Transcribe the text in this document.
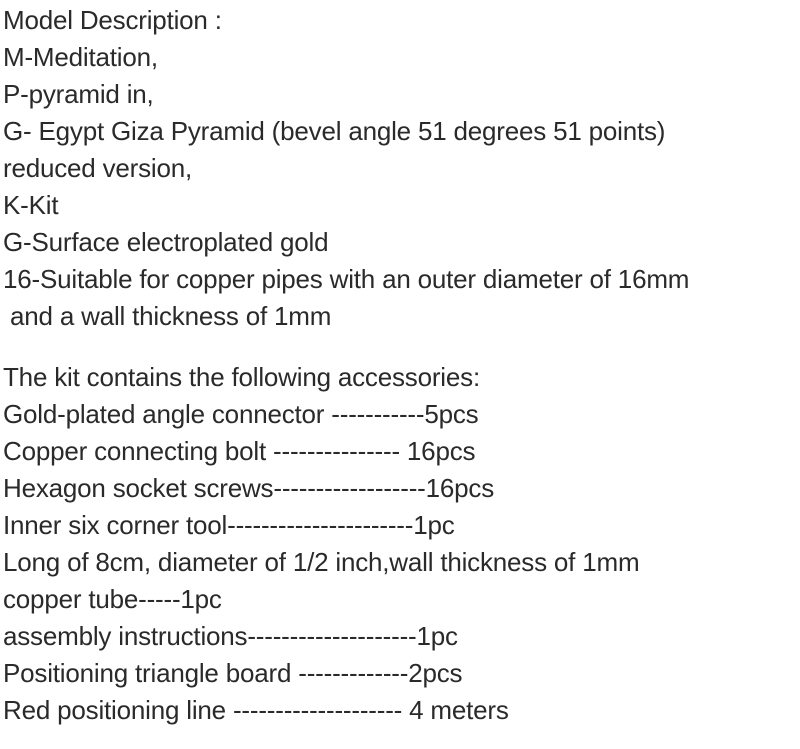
Model Description :

M-Meditation,

P-pyramid in,

G- Egypt Giza Pyramid (bevel angle 51 degrees 51 points)

reduced version,

K-Kit

G-Surface electroplated gold

16-Suitable for copper pipes with an outer diameter of 16mm

and a wall thickness of 1mm

The kit contains the following accessories:

Gold-plated angle connector -----------5pcs

Copper connecting bolt --------------- 16pcs

Hexagon socket screws------------------16pcs

Inner six corner tool----------------------1pc

Long of 8cm, diameter of 1/2 inch,wall thickness of 1mm

copper tube-----1pc

assembly instructions--------------------1pc

Positioning triangle board -------------2pcs

Red positioning line -------------------- 4 meters
